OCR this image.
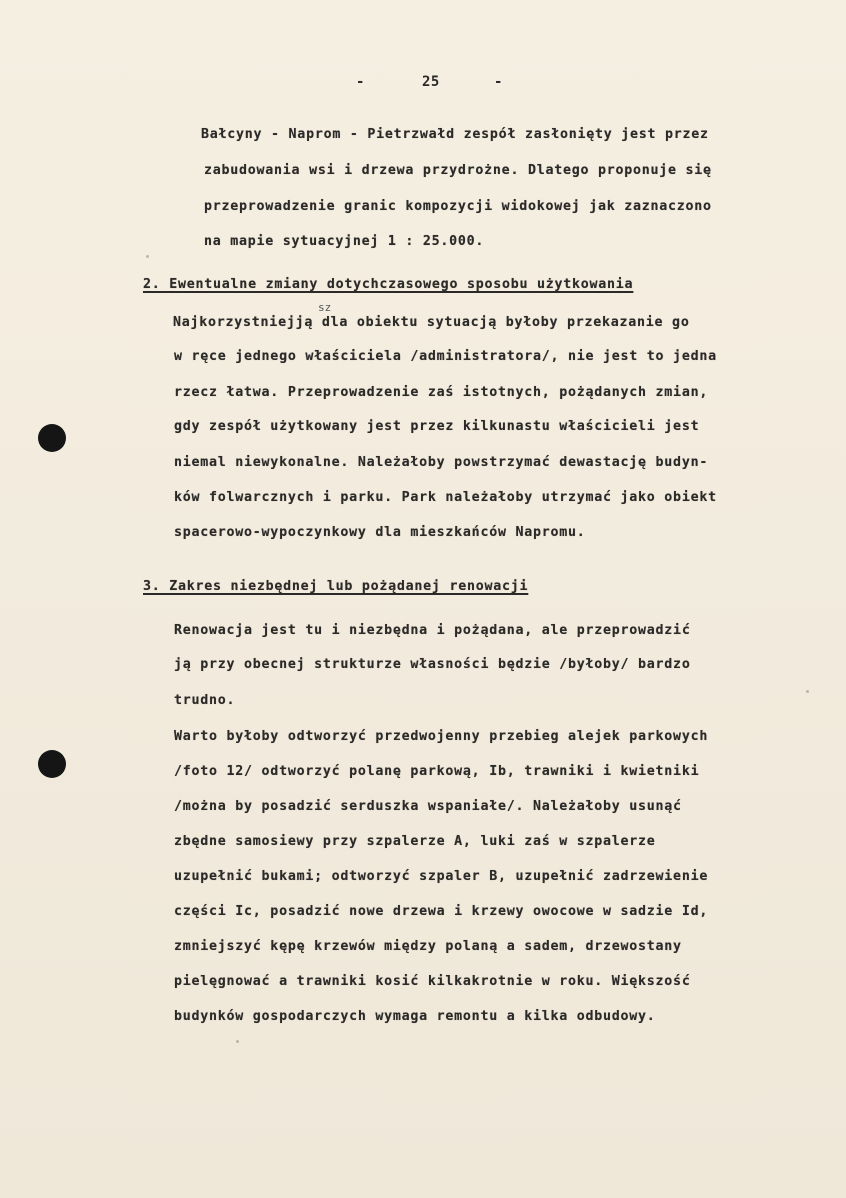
-	25	-
Bałcyny - Naprom - Pietrzwałd zespół zasłonięty jest przez
zabudowania wsi i drzewa przydrożne. Dlatego proponuje się
przeprowadzenie granic kompozycji widokowej jak zaznaczono
na mapie sytuacyjnej 1 : 25.000.
2. Ewentualne zmiany dotychczasowego sposobu użytkowania
sz
Najkorzystniejją dla obiektu sytuacją byłoby przekazanie go
w ręce jednego właściciela /administratora/, nie jest to jedna
rzecz łatwa. Przeprowadzenie zaś istotnych, pożądanych zmian,
gdy zespół użytkowany jest przez kilkunastu właścicieli jest
niemal niewykonalne. Należałoby powstrzymać dewastację budyn-
ków folwarcznych i parku. Park należałoby utrzymać jako obiekt
spacerowo-wypoczynkowy dla mieszkańców Napromu.
3. Zakres niezbędnej lub pożądanej renowacji
Renowacja jest tu i niezbędna i pożądana, ale przeprowadzić
ją przy obecnej strukturze własności będzie /byłoby/ bardzo
trudno.
Warto byłoby odtworzyć przedwojenny przebieg alejek parkowych
/foto 12/ odtworzyć polanę parkową, Ib, trawniki i kwietniki
/można by posadzić serduszka wspaniałe/. Należałoby usunąć
zbędne samosiewy przy szpalerze A, luki zaś w szpalerze
uzupełnić bukami; odtworzyć szpaler B, uzupełnić zadrzewienie
części Ic, posadzić nowe drzewa i krzewy owocowe w sadzie Id,
zmniejszyć kępę krzewów między polaną a sadem, drzewostany
pielęgnować a trawniki kosić kilkakrotnie w roku. Większość
budynków gospodarczych wymaga remontu a kilka odbudowy.
